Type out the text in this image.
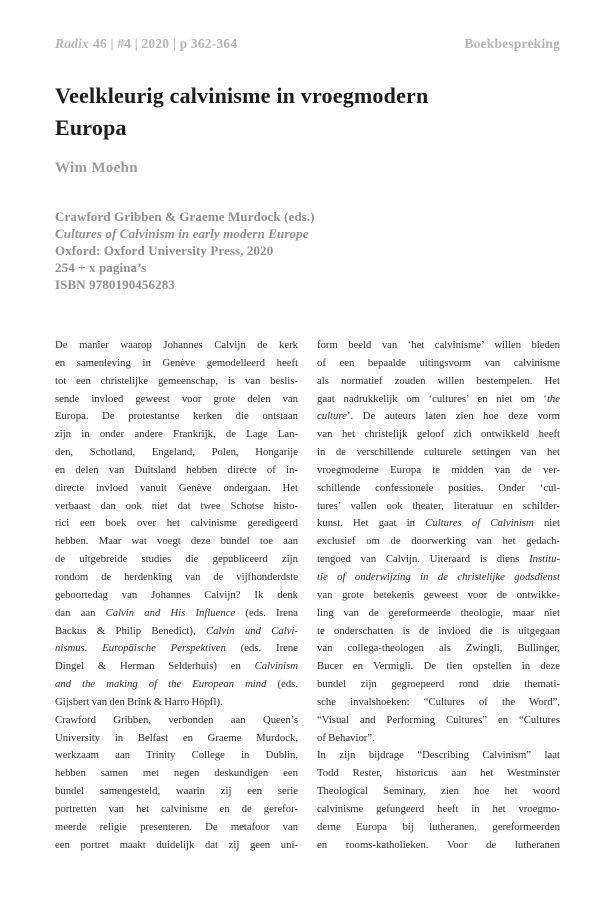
Radix 46 | #4 | 2020 | p 362-364	Boekbespreking
Veelkleurig calvinisme in vroegmodern
Europa
Wim Moehn
Crawford Gribben & Graeme Murdock (eds.)
Cultures of Calvinism in early modern Europe
Oxford: Oxford University Press, 2020
254 + x pagina’s
ISBN 9780190456283
De manier waarop Johannes Calvijn de kerk
en samenleving in Genève gemodelleerd heeft
tot een christelijke gemeenschap, is van beslis-
sende invloed geweest voor grote delen van
Europa. De protestantse kerken die ontstaan
zijn in onder andere Frankrijk, de Lage Lan-
den, Schotland, Engeland, Polen, Hongarije
en delen van Duitsland hebben directe of in-
directe invloed vanuit Genève ondergaan. Het
verbaast dan ook niet dat twee Schotse histo-
rici een boek over het calvinisme geredigeerd
hebben. Maar wat voegt deze bundel toe aan
de uitgebreide studies die gepubliceerd zijn
rondom de herdenking van de vijfhonderdste
geboortedag van Johannes Calvijn? Ik denk
dan aan Calvin and His Influence (eds. Irena
Backus & Philip Benedict), Calvin und Calvi-
nismus. Europäische Perspektiven (eds. Irene
Dingel & Herman Selderhuis) en Calvinism
and the making of the European mind (eds.
Gijsbert van den Brink & Harro Höpfl).
Crawford Gribben, verbonden aan Queen’s
University in Belfast en Graeme Murdock,
werkzaam aan Trinity College in Dublin,
hebben samen met negen deskundigen een
bundel samengesteld, waarin zij een serie
portretten van het calvinisme en de gerefor-
meerde religie presenteren. De metafoor van
een portret maakt duidelijk dat zij geen uni-
form beeld van ‘het calvinisme’ willen bieden
of een bepaalde uitingsvorm van calvinisme
als normatief zouden willen bestempelen. Het
gaat nadrukkelijk om ‘cultures’ en niet om ‘the
culture’. De auteurs laten zien hoe deze vorm
van het christelijk geloof zich ontwikkeld heeft
in de verschillende culturele settingen van het
vroegmoderne Europa te midden van de ver-
schillende confessionele posities. Onder ‘cul-
tures’ vallen ook theater, literatuur en schilder-
kunst. Het gaat in Cultures of Calvinism niet
exclusief om de doorwerking van het gedach-
tengoed van Calvijn. Uiteraard is diens Institu-
tie of onderwijzing in de christelijke godsdienst
van grote betekenis geweest voor de ontwikke-
ling van de gereformeerde theologie, maar niet
te onderschatten is de invloed die is uitgegaan
van collega-theologen als Zwingli, Bullinger,
Bucer en Vermigli. De tien opstellen in deze
bundel zijn gegroepeerd rond drie themati-
sche invalshoeken: “Cultures of the Word”,
“Visual and Performing Cultures” en “Cultures
of Behavior”.
In zijn bijdrage “Describing Calvinism” laat
Todd Rester, historicus aan het Westminster
Theological Seminary, zien hoe het woord
calvinisme gefungeerd heeft in het vroegmo-
derne Europa bij lutheranen, gereformeerden
en rooms-katholieken. Voor de lutheranen
